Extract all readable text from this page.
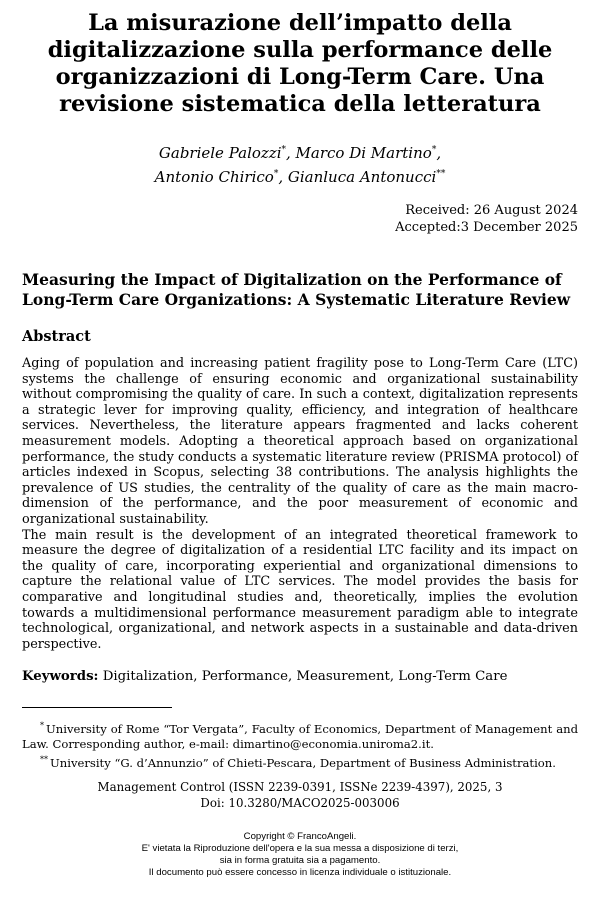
La misurazione dell’impatto della digitalizzazione sulla performance delle organizzazioni di Long-Term Care. Una revisione sistematica della letteratura
Gabriele Palozzi*, Marco Di Martino*,
Antonio Chirico*, Gianluca Antonucci**
Received: 26 August 2024
Accepted:3 December 2025
Measuring the Impact of Digitalization on the Performance of Long-Term Care Organizations: A Systematic Literature Review
Abstract

Aging of population and increasing patient fragility pose to Long-Term Care (LTC) systems the challenge of ensuring economic and organizational sustainability without compromising the quality of care. In such a context, digitalization represents a strategic lever for improving quality, efficiency, and integration of healthcare services. Nevertheless, the literature appears fragmented and lacks coherent measurement models. Adopting a theoretical approach based on organizational performance, the study conducts a systematic literature review (PRISMA protocol) of articles indexed in Scopus, selecting 38 contributions. The analysis highlights the prevalence of US studies, the centrality of the quality of care as the main macro-dimension of the performance, and the poor measurement of economic and organizational sustainability.

The main result is the development of an integrated theoretical framework to measure the degree of digitalization of a residential LTC facility and its impact on the quality of care, incorporating experiential and organizational dimensions to capture the relational value of LTC services. The model provides the basis for comparative and longitudinal studies and, theoretically, implies the evolution towards a multidimensional performance measurement paradigm able to integrate technological, organizational, and network aspects in a sustainable and data-driven perspective.

Keywords: Digitalization, Performance, Measurement, Long-Term Care

* University of Rome “Tor Vergata”, Faculty of Economics, Department of Management and Law. Corresponding author, e-mail: dimartino@economia.uniroma2.it.

** University “G. d’Annunzio” of Chieti-Pescara, Department of Business Administration.

Management Control (ISSN 2239-0391, ISSNe 2239-4397), 2025, 3
Doi: 10.3280/MACO2025-003006
Copyright © FrancoAngeli.
E' vietata la Riproduzione dell'opera e la sua messa a disposizione di terzi,
sia in forma gratuita sia a pagamento.
Il documento può essere concesso in licenza individuale o istituzionale.
